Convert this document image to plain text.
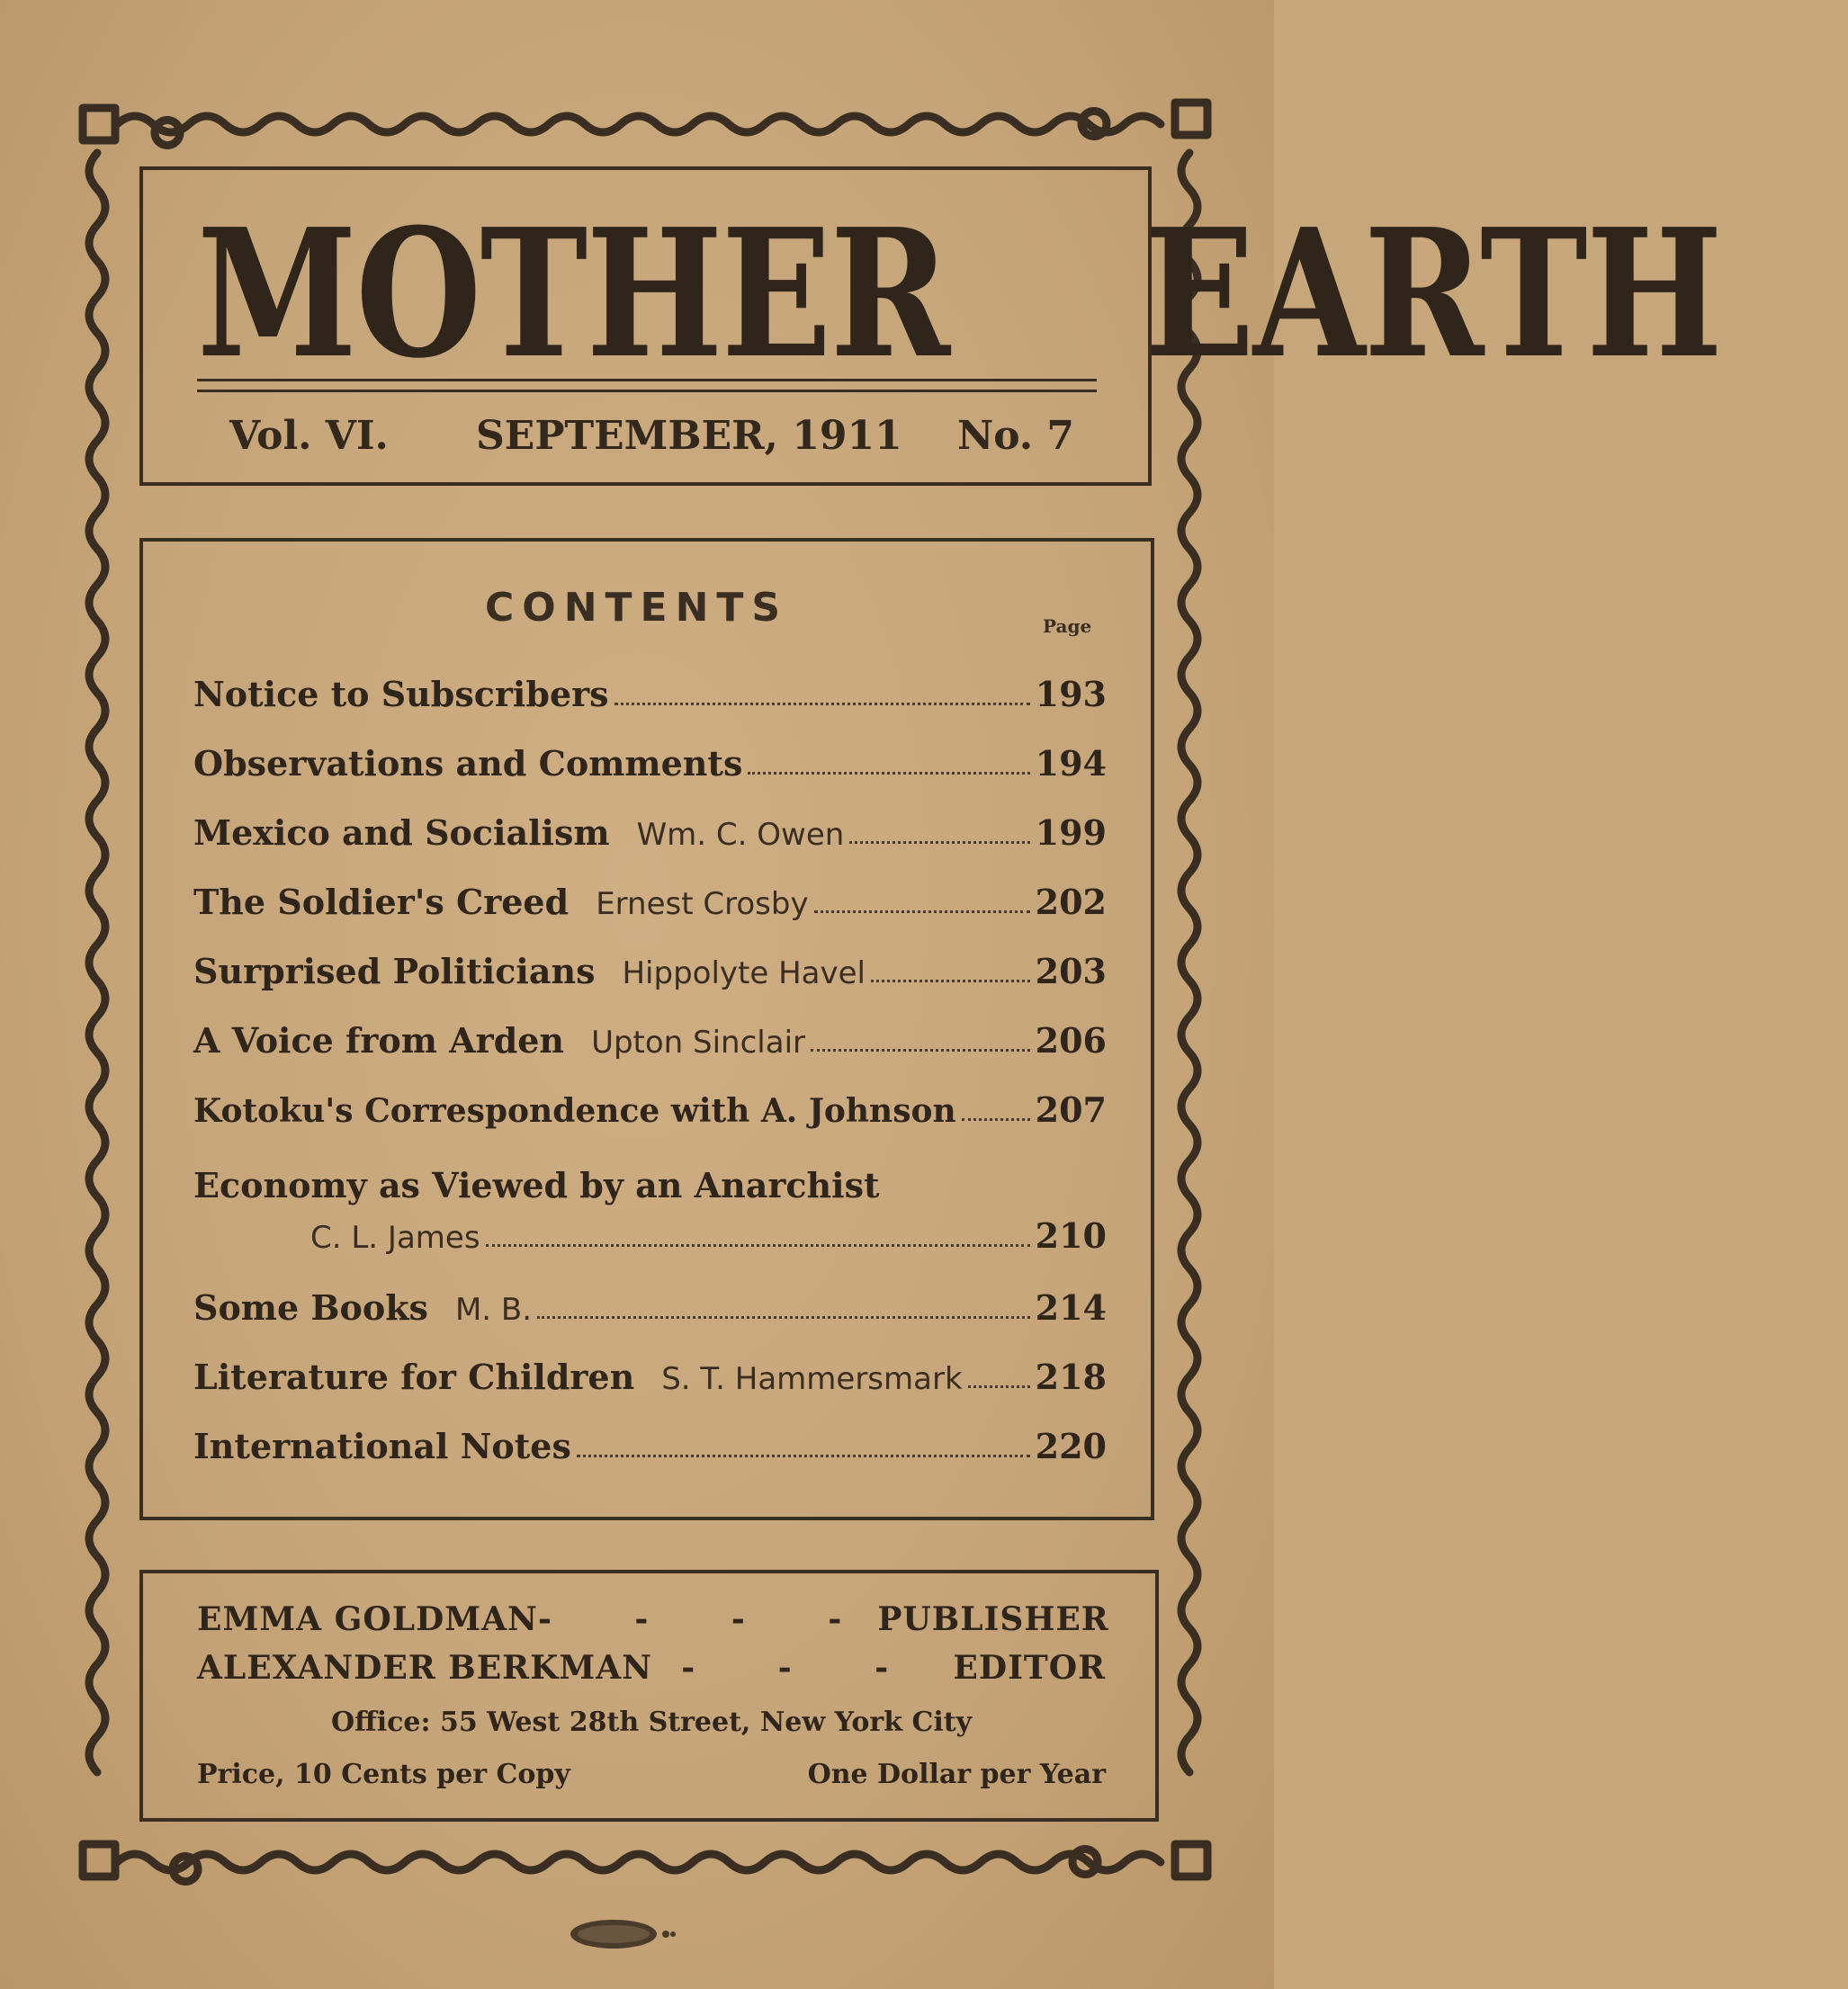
MOTHER EARTH
Vol. VI. SEPTEMBER, 1911 No. 7
CONTENTS	Page
Notice to Subscribers	193
Observations and Comments	194
Mexico and Socialism Wm. C. Owen	199
The Soldier's Creed Ernest Crosby	202
Surprised Politicians Hippolyte Havel	203
A Voice from Arden Upton Sinclair	206
Kotoku's Correspondence with A. Johnson 207
Economy as Viewed by an Anarchist
C. L. James	210
Some Books M. B.	214
Literature for Children S. T. Hammersmark 218
International Notes	220
EMMA GOLDMAN - - - - PUBLISHER
ALEXANDER BERKMAN - - - EDITOR
Office: 55 West 28th Street, New York City
Price, 10 Cents per Copy	One Dollar per Year
